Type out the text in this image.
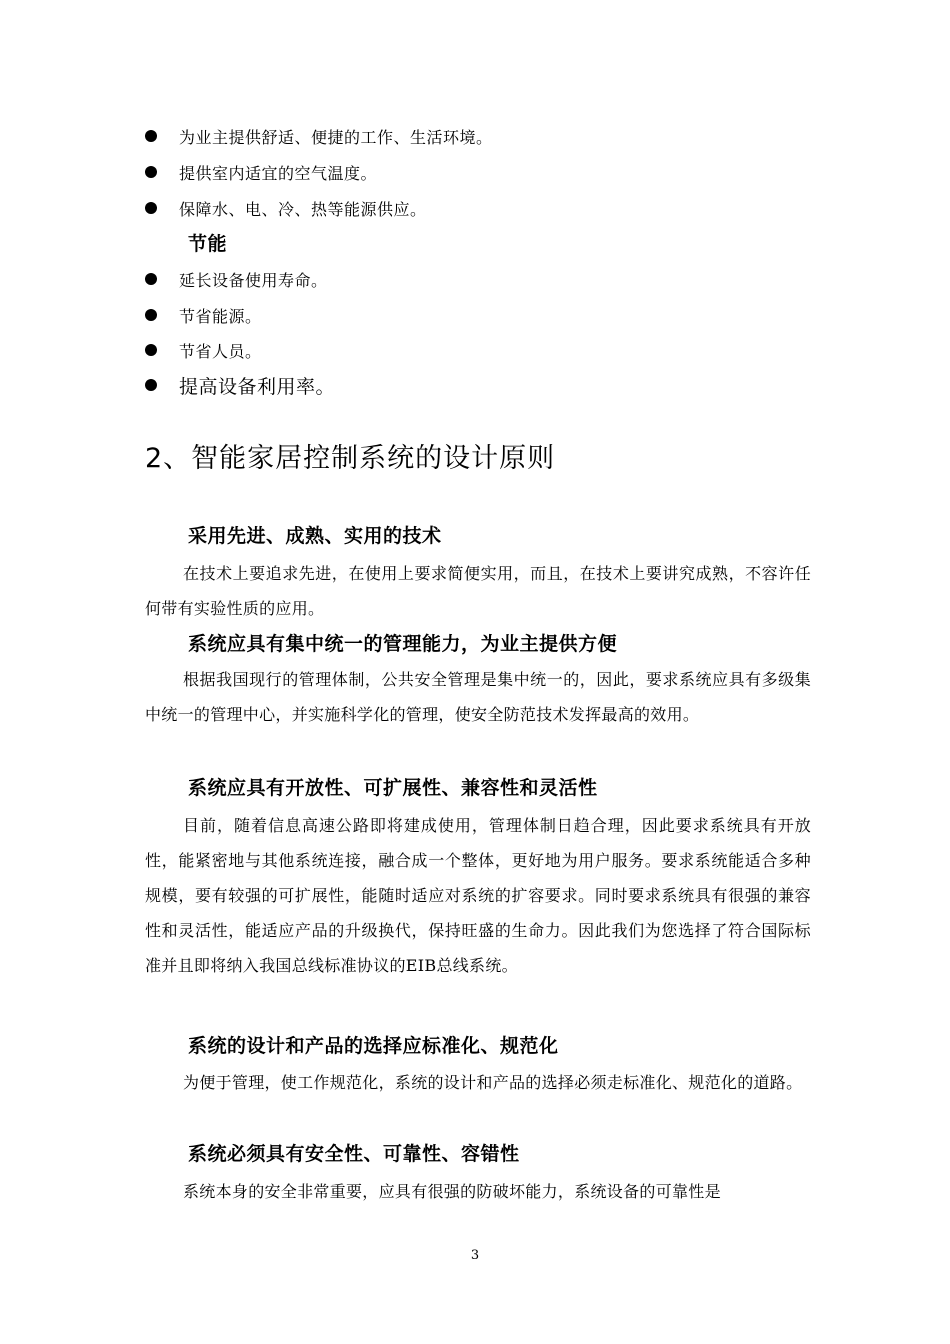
为业主提供舒适、便捷的工作、生活环境。
提供室内适宜的空气温度。
保障水、电、冷、热等能源供应。
节能
延长设备使用寿命。
节省能源。
节省人员。
提高设备利用率。
2、智能家居控制系统的设计原则
采用先进、成熟、实用的技术
在技术上要追求先进，在使用上要求简便实用，而且，在技术上要讲究成熟，不容许任何带有实验性质的应用。
系统应具有集中统一的管理能力，为业主提供方便
根据我国现行的管理体制，公共安全管理是集中统一的，因此，要求系统应具有多级集中统一的管理中心，并实施科学化的管理，使安全防范技术发挥最高的效用。
系统应具有开放性、可扩展性、兼容性和灵活性
目前，随着信息高速公路即将建成使用，管理体制日趋合理，因此要求系统具有开放性，能紧密地与其他系统连接，融合成一个整体，更好地为用户服务。要求系统能适合多种规模，要有较强的可扩展性，能随时适应对系统的扩容要求。同时要求系统具有很强的兼容性和灵活性，能适应产品的升级换代，保持旺盛的生命力。因此我们为您选择了符合国际标准并且即将纳入我国总线标准协议的EIB总线系统。
系统的设计和产品的选择应标准化、规范化
为便于管理，使工作规范化，系统的设计和产品的选择必须走标准化、规范化的道路。
系统必须具有安全性、可靠性、容错性
系统本身的安全非常重要，应具有很强的防破坏能力，系统设备的可靠性是
3
